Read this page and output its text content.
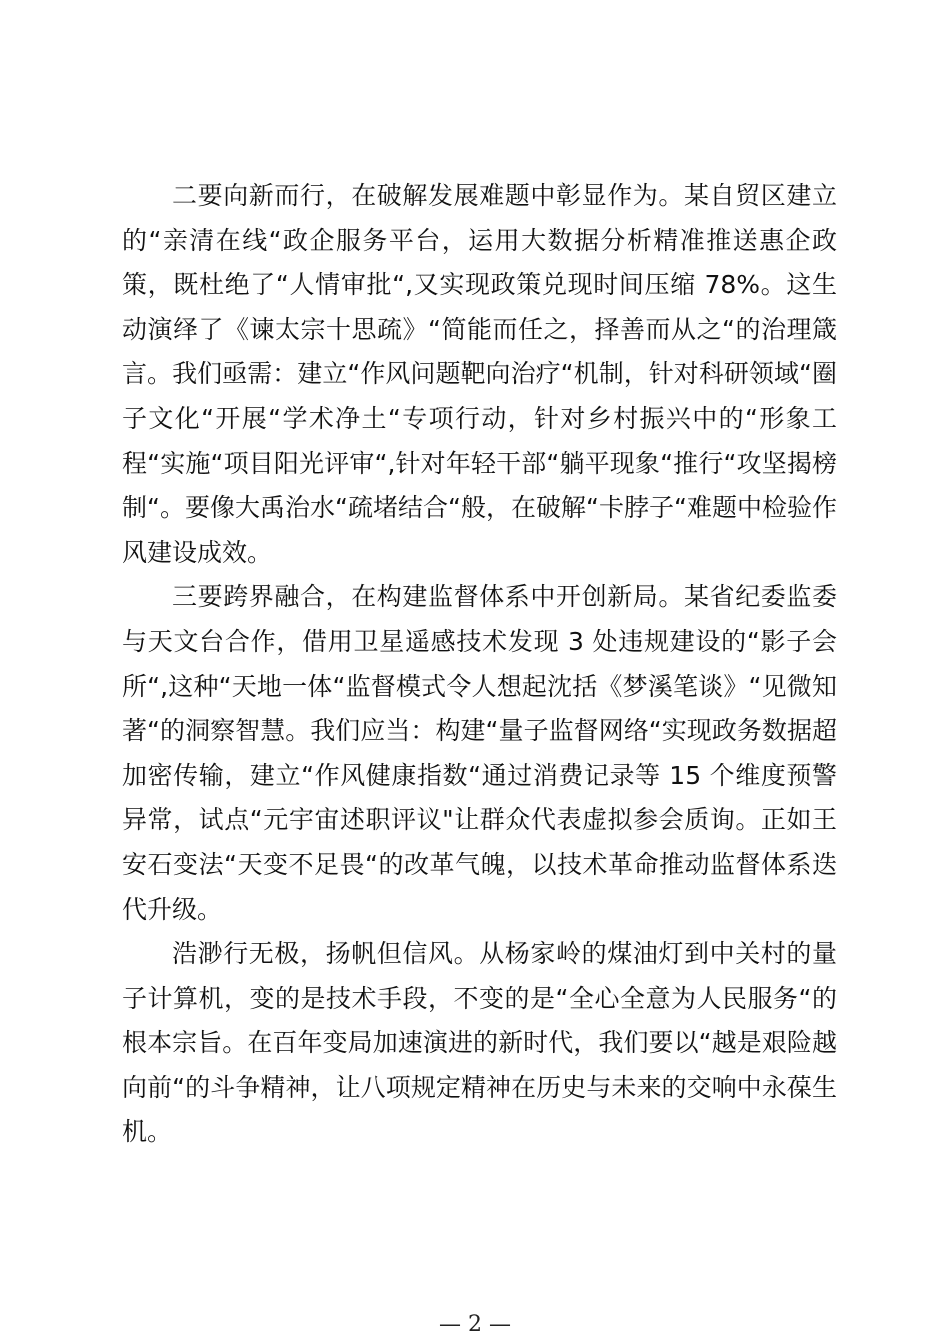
二要向新而行，在破解发展难题中彰显作为。某自贸区建立的“亲清在线“政企服务平台，运用大数据分析精准推送惠企政策，既杜绝了“人情审批“,又实现政策兑现时间压缩 78%。这生动演绎了《谏太宗十思疏》“简能而任之，择善而从之“的治理箴言。我们亟需：建立“作风问题靶向治疗“机制，针对科研领域“圈子文化“开展“学术净土“专项行动，针对乡村振兴中的“形象工程“实施“项目阳光评审“,针对年轻干部“躺平现象“推行“攻坚揭榜制“。要像大禹治水“疏堵结合“般，在破解“卡脖子“难题中检验作风建设成效。

三要跨界融合，在构建监督体系中开创新局。某省纪委监委与天文台合作，借用卫星遥感技术发现 3 处违规建设的“影子会所“,这种“天地一体“监督模式令人想起沈括《梦溪笔谈》“见微知著“的洞察智慧。我们应当：构建“量子监督网络“实现政务数据超加密传输，建立“作风健康指数“通过消费记录等 15 个维度预警异常，试点“元宇宙述职评议"让群众代表虚拟参会质询。正如王安石变法“天变不足畏“的改革气魄，以技术革命推动监督体系迭代升级。

浩渺行无极，扬帆但信风。从杨家岭的煤油灯到中关村的量子计算机，变的是技术手段，不变的是“全心全意为人民服务“的根本宗旨。在百年变局加速演进的新时代，我们要以“越是艰险越向前“的斗争精神，让八项规定精神在历史与未来的交响中永葆生机。

— 2 —
